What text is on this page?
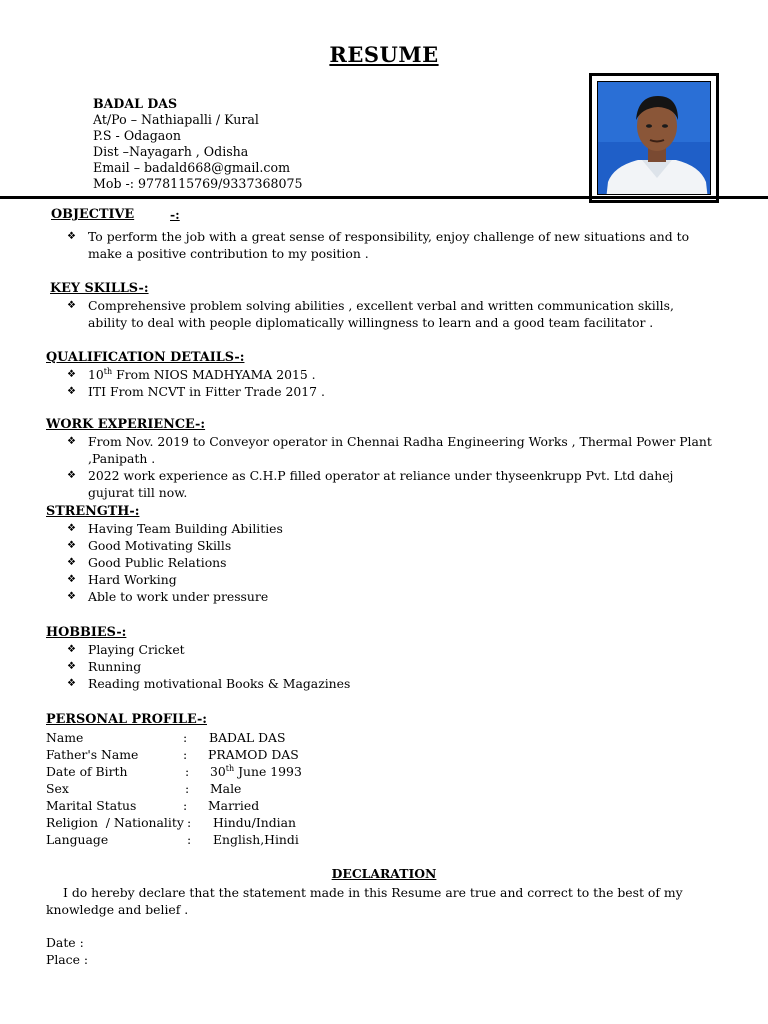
RESUME
BADAL DAS
At/Po – Nathiapalli / Kural
P.S - Odagaon
Dist –Nayagarh , Odisha
Email – badald668@gmail.com
Mob -: 9778115769/9337368075
OBJECTIVE	-:
❖ To perform the job with a great sense of responsibility, enjoy challenge of new situations and to make a positive contribution to my position .
KEY SKILLS-:
❖ Comprehensive problem solving abilities , excellent verbal and written communication skills, ability to deal with people diplomatically willingness to learn and a good team facilitator .
QUALIFICATION DETAILS-:
❖ 10th From NIOS MADHYAMA 2015 .
❖ ITI From NCVT in Fitter Trade 2017 .
WORK EXPERIENCE-:
❖ From Nov. 2019 to Conveyor operator in Chennai Radha Engineering Works , Thermal Power Plant ,Panipath .
❖ 2022 work experience as C.H.P filled operator at reliance under thyseenkrupp Pvt. Ltd dahej gujurat till now.
STRENGTH-:
❖ Having Team Building Abilities
❖ Good Motivating Skills
❖ Good Public Relations
❖ Hard Working
❖ Able to work under pressure
HOBBIES-:
❖ Playing Cricket
❖ Running
❖ Reading motivational Books & Magazines
PERSONAL PROFILE-:
Name	: BADAL DAS
Father's Name	: PRAMOD DAS
Date of Birth	: 30th June 1993
Sex	: Male
Marital Status	: Married
Religion  / Nationality : Hindu/Indian
Language	: English,Hindi
DECLARATION
I do hereby declare that the statement made in this Resume are true and correct to the best of my knowledge and belief .
Date :
Place :
